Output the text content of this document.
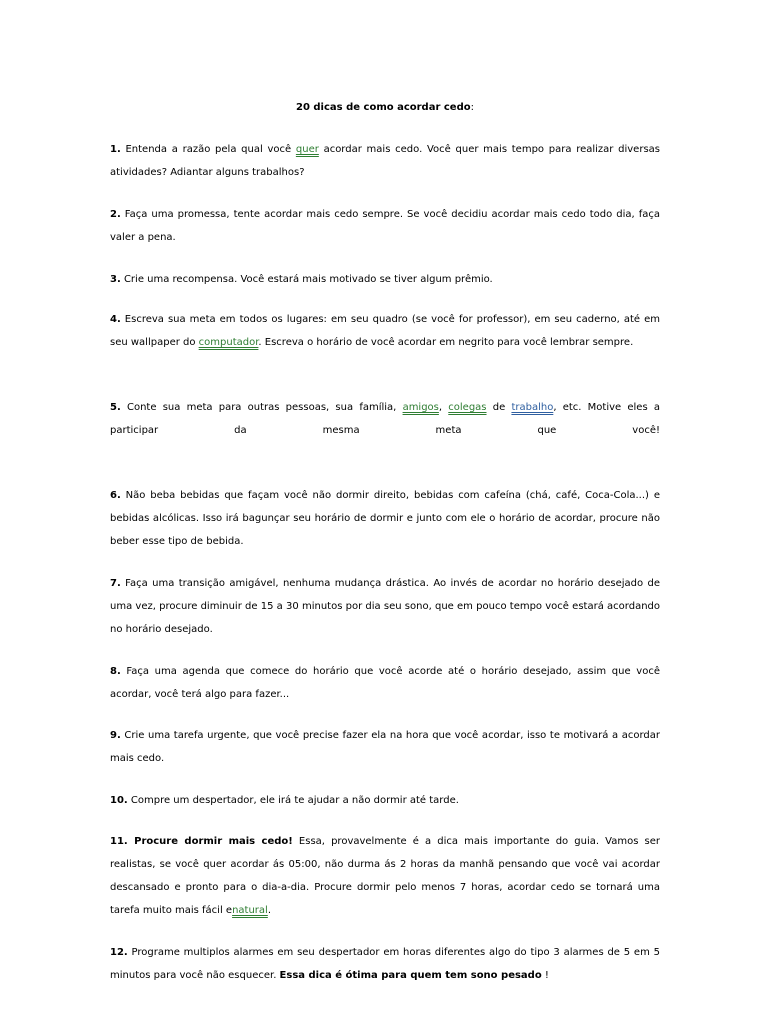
20 dicas de como acordar cedo:

1. Entenda a razão pela qual você quer acordar mais cedo. Você quer mais tempo para realizar diversas atividades? Adiantar alguns trabalhos?

2. Faça uma promessa, tente acordar mais cedo sempre. Se você decidiu acordar mais cedo todo dia, faça valer a pena.

3. Crie uma recompensa. Você estará mais motivado se tiver algum prêmio.

4. Escreva sua meta em todos os lugares: em seu quadro (se você for professor), em seu caderno, até em seu wallpaper do computador. Escreva o horário de você acordar em negrito para você lembrar sempre.

5. Conte sua meta para outras pessoas, sua família, amigos, colegas de trabalho, etc. Motive eles a participar da mesma meta que você!

6. Não beba bebidas que façam você não dormir direito, bebidas com cafeína (chá, café, Coca-Cola...) e bebidas alcólicas. Isso irá bagunçar seu horário de dormir e junto com ele o horário de acordar, procure não beber esse tipo de bebida.

7. Faça uma transição amigável, nenhuma mudança drástica. Ao invés de acordar no horário desejado de uma vez, procure diminuir de 15 a 30 minutos por dia seu sono, que em pouco tempo você estará acordando no horário desejado.

8. Faça uma agenda que comece do horário que você acorde até o horário desejado, assim que você acordar, você terá algo para fazer...

9. Crie uma tarefa urgente, que você precise fazer ela na hora que você acordar, isso te motivará a acordar mais cedo.

10. Compre um despertador, ele irá te ajudar a não dormir até tarde.

11. Procure dormir mais cedo! Essa, provavelmente é a dica mais importante do guia. Vamos ser realistas, se você quer acordar ás 05:00, não durma ás 2 horas da manhã pensando que você vai acordar descansado e pronto para o dia-a-dia. Procure dormir pelo menos 7 horas, acordar cedo se tornará uma tarefa muito mais fácil enatural.

12. Programe multiplos alarmes em seu despertador em horas diferentes algo do tipo 3 alarmes de 5 em 5 minutos para você não esquecer. Essa dica é ótima para quem tem sono pesado !
